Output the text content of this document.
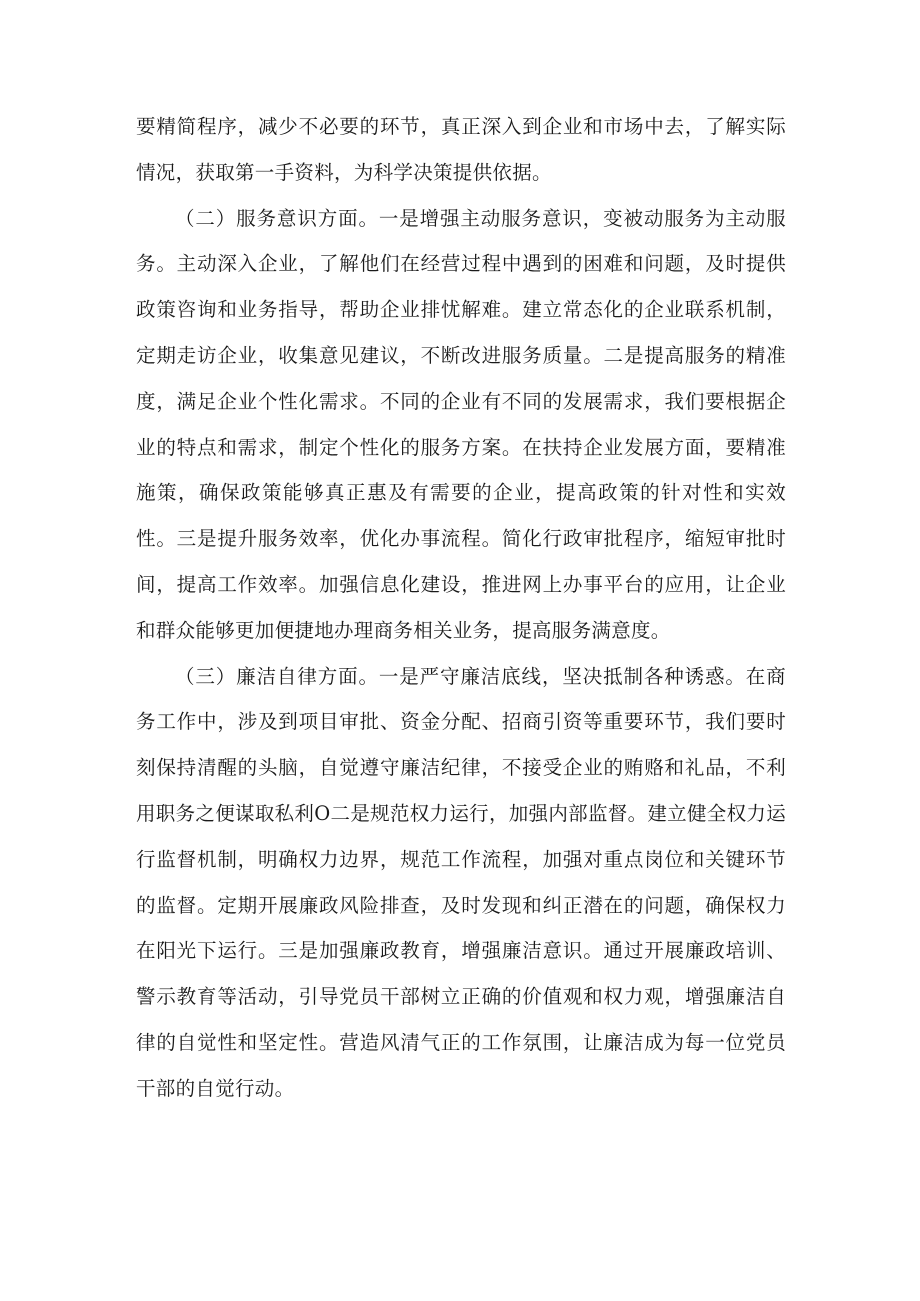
要精简程序，减少不必要的环节，真正深入到企业和市场中去，了解实际情况，获取第一手资料，为科学决策提供依据。

（二）服务意识方面。一是增强主动服务意识，变被动服务为主动服务。主动深入企业，了解他们在经营过程中遇到的困难和问题，及时提供政策咨询和业务指导，帮助企业排忧解难。建立常态化的企业联系机制，定期走访企业，收集意见建议，不断改进服务质量。二是提高服务的精准度，满足企业个性化需求。不同的企业有不同的发展需求，我们要根据企业的特点和需求，制定个性化的服务方案。在扶持企业发展方面，要精准施策，确保政策能够真正惠及有需要的企业，提高政策的针对性和实效性。三是提升服务效率，优化办事流程。简化行政审批程序，缩短审批时间，提高工作效率。加强信息化建设，推进网上办事平台的应用，让企业和群众能够更加便捷地办理商务相关业务，提高服务满意度。

（三）廉洁自律方面。一是严守廉洁底线，坚决抵制各种诱惑。在商务工作中，涉及到项目审批、资金分配、招商引资等重要环节，我们要时刻保持清醒的头脑，自觉遵守廉洁纪律，不接受企业的贿赂和礼品，不利用职务之便谋取私利O二是规范权力运行，加强内部监督。建立健全权力运行监督机制，明确权力边界，规范工作流程，加强对重点岗位和关键环节的监督。定期开展廉政风险排查，及时发现和纠正潜在的问题，确保权力在阳光下运行。三是加强廉政教育，增强廉洁意识。通过开展廉政培训、警示教育等活动，引导党员干部树立正确的价值观和权力观，增强廉洁自律的自觉性和坚定性。营造风清气正的工作氛围，让廉洁成为每一位党员干部的自觉行动。
